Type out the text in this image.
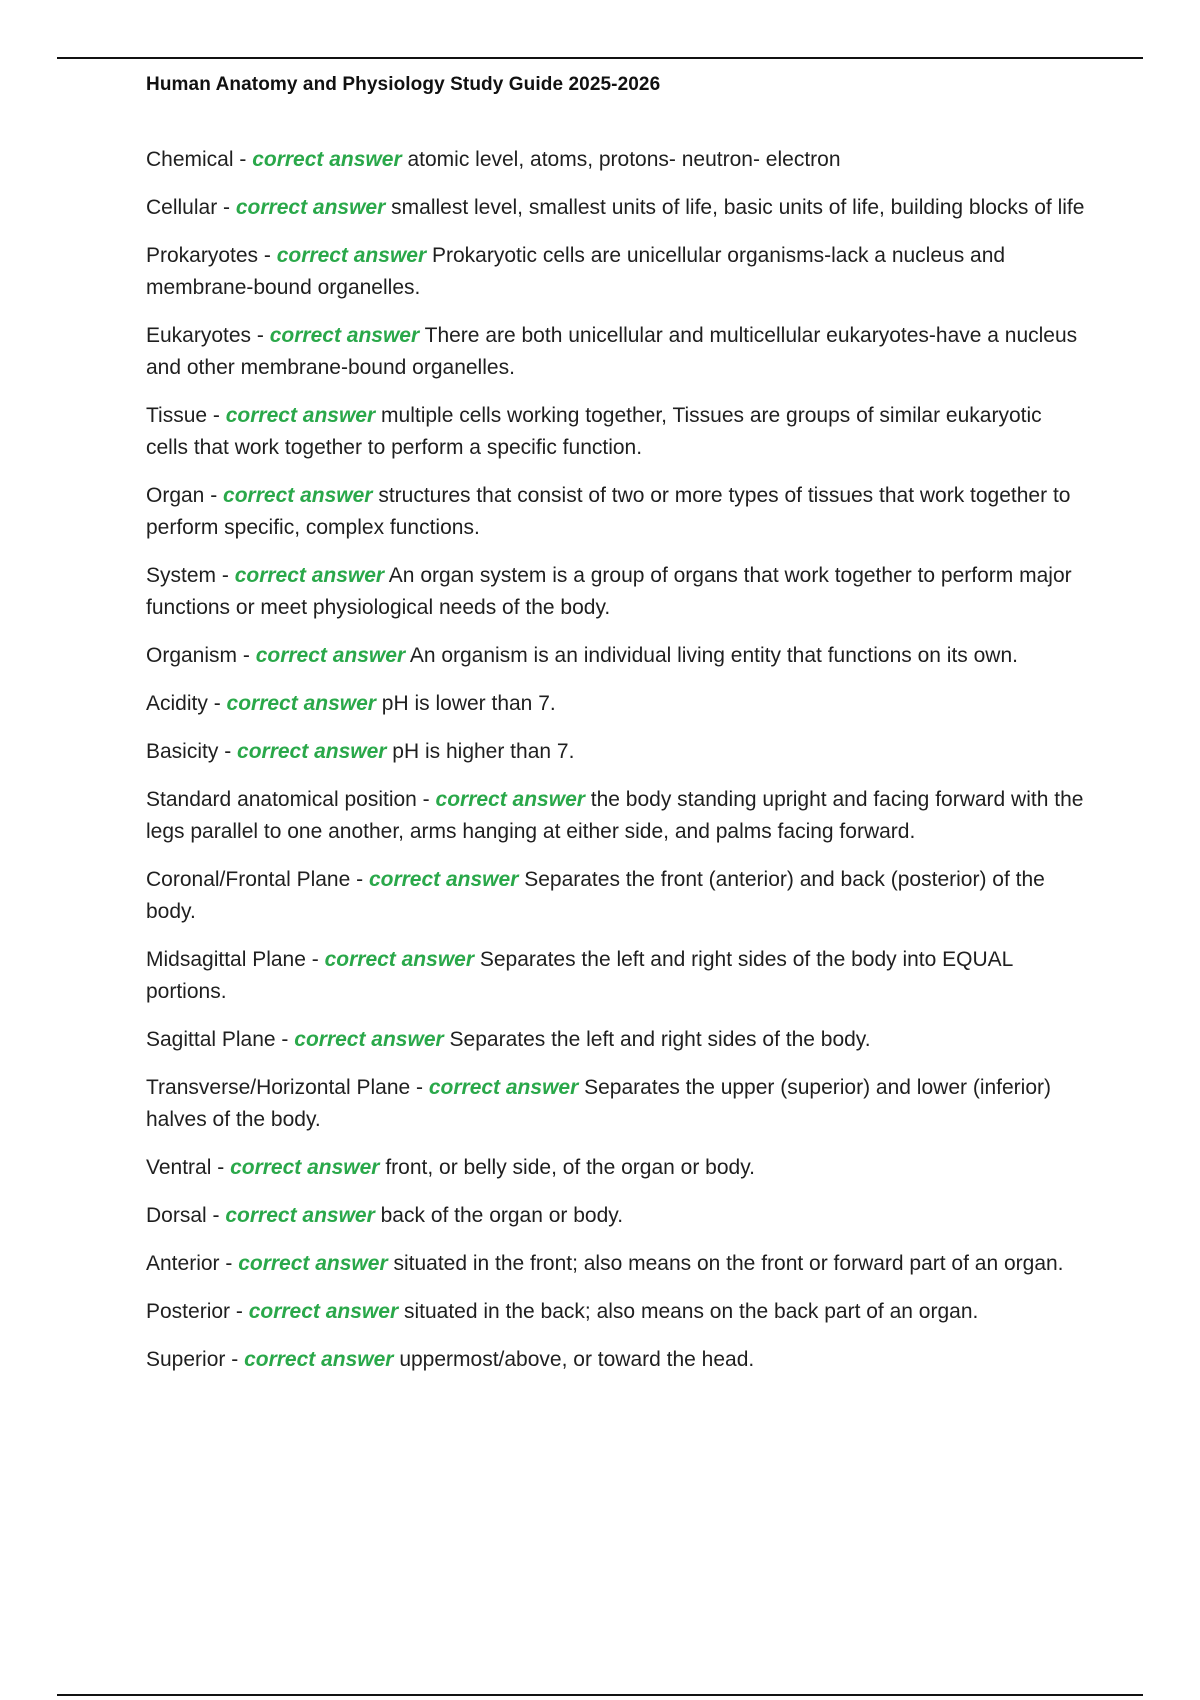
Human Anatomy and Physiology Study Guide 2025-2026

Chemical - correct answer atomic level, atoms, protons- neutron- electron

Cellular - correct answer smallest level, smallest units of life, basic units of life, building blocks of life

Prokaryotes - correct answer Prokaryotic cells are unicellular organisms-lack a nucleus and membrane-bound organelles.

Eukaryotes - correct answer There are both unicellular and multicellular eukaryotes-have a nucleus and other membrane-bound organelles.

Tissue - correct answer multiple cells working together, Tissues are groups of similar eukaryotic cells that work together to perform a specific function.

Organ - correct answer structures that consist of two or more types of tissues that work together to perform specific, complex functions.

System - correct answer An organ system is a group of organs that work together to perform major functions or meet physiological needs of the body.

Organism - correct answer An organism is an individual living entity that functions on its own.

Acidity - correct answer pH is lower than 7.

Basicity - correct answer pH is higher than 7.

Standard anatomical position - correct answer the body standing upright and facing forward with the legs parallel to one another, arms hanging at either side, and palms facing forward.

Coronal/Frontal Plane - correct answer Separates the front (anterior) and back (posterior) of the body.

Midsagittal Plane - correct answer Separates the left and right sides of the body into EQUAL portions.

Sagittal Plane - correct answer Separates the left and right sides of the body.

Transverse/Horizontal Plane - correct answer Separates the upper (superior) and lower (inferior) halves of the body.

Ventral - correct answer front, or belly side, of the organ or body.

Dorsal - correct answer back of the organ or body.

Anterior - correct answer situated in the front; also means on the front or forward part of an organ.

Posterior - correct answer situated in the back; also means on the back part of an organ.

Superior - correct answer uppermost/above, or toward the head.
